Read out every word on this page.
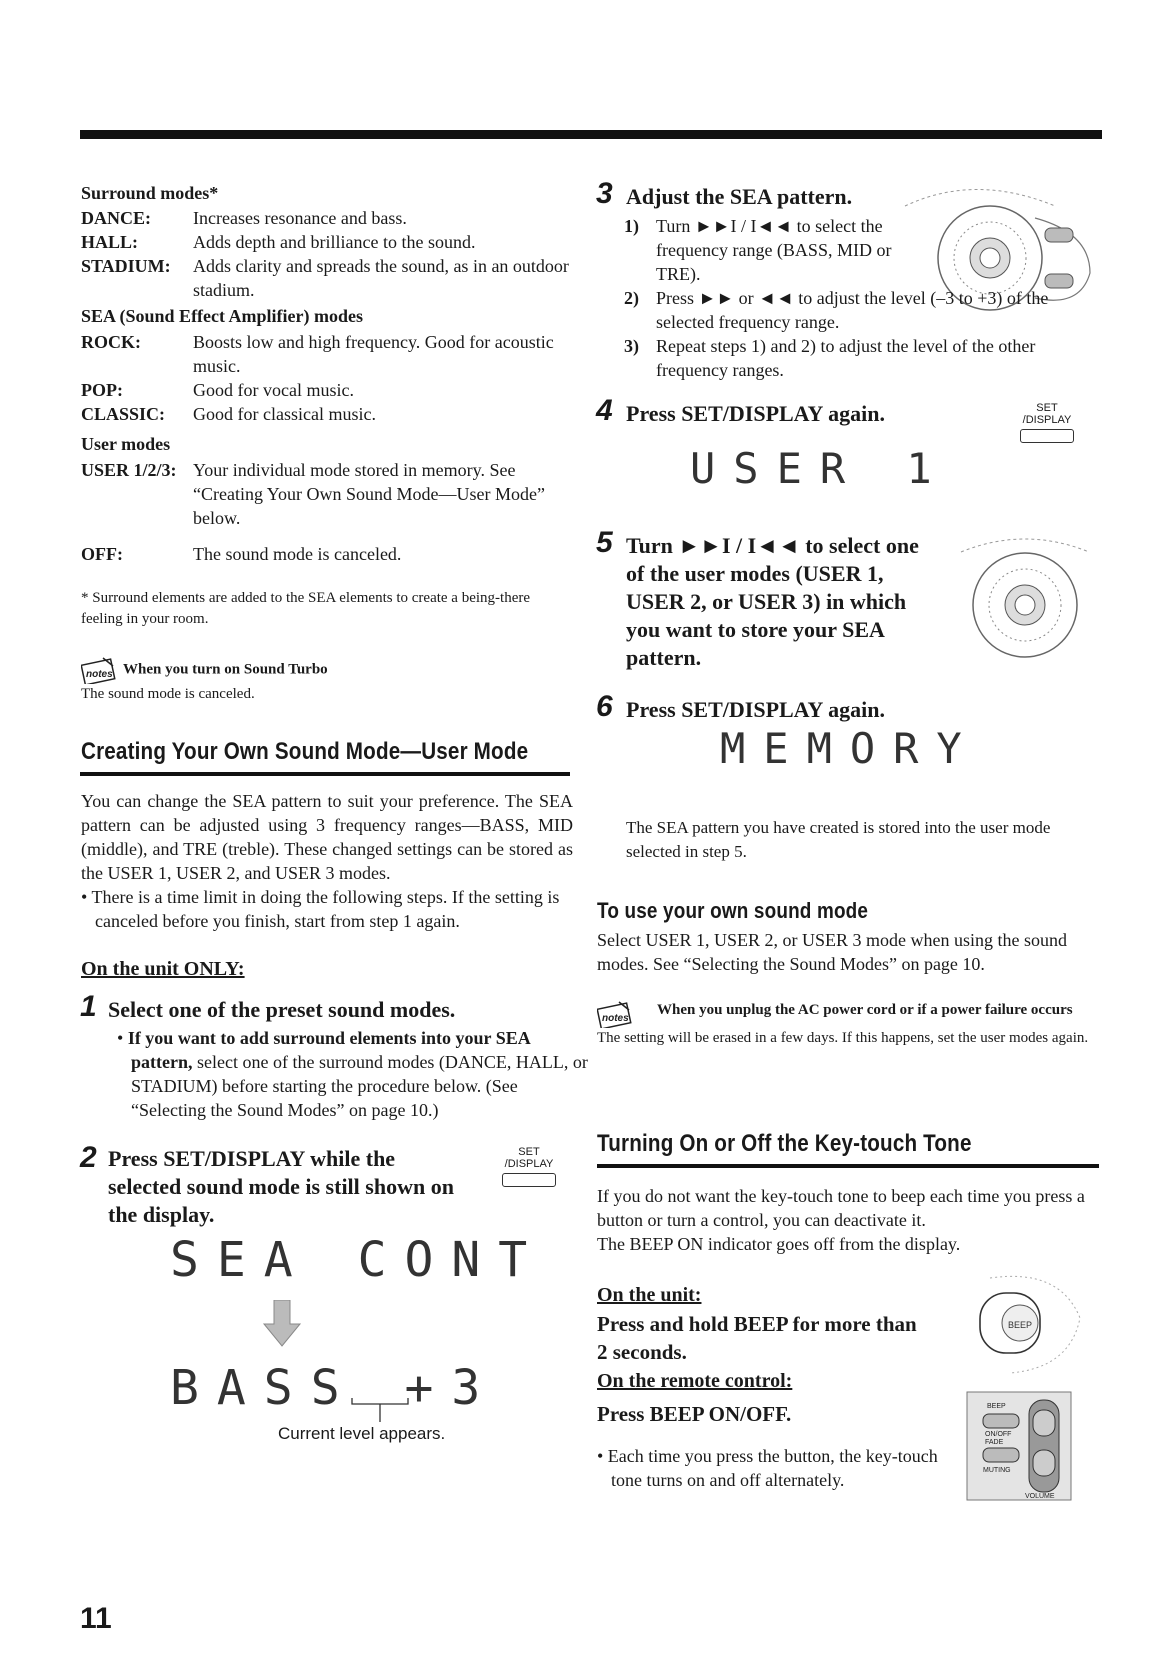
Surround modes*
DANCE: Increases resonance and bass.
HALL:	Adds depth and brilliance to the sound.
STADIUM: Adds clarity and spreads the sound, as in an outdoor stadium.
SEA (Sound Effect Amplifier) modes
ROCK:	Boosts low and high frequency. Good for acoustic music.
POP:	Good for vocal music.
CLASSIC: Good for classical music.
User modes
USER 1/2/3: Your individual mode stored in memory. See “Creating Your Own Sound Mode—User Mode” below.
OFF:	The sound mode is canceled.
* Surround elements are added to the SEA elements to create a being-there feeling in your room.
notes When you turn on Sound Turbo
The sound mode is canceled.
Creating Your Own Sound Mode—User Mode
You can change the SEA pattern to suit your preference. The SEA pattern can be adjusted using 3 frequency ranges—BASS, MID (middle), and TRE (treble). These changed settings can be stored as the USER 1, USER 2, and USER 3 modes.
• There is a time limit in doing the following steps. If the setting is canceled before you finish, start from step 1 again.
On the unit ONLY:
1 Select one of the preset sound modes.
• If you want to add surround elements into your SEA pattern, select one of the surround modes (DANCE, HALL, or STADIUM) before starting the procedure below. (See “Selecting the Sound Modes” on page 10.)
2 Press SET/DISPLAY while the selected sound mode is still shown on the display.
SET
/DISPLAY
SEA CONT
BASS +3
Current level appears.
3 Adjust the SEA pattern.
1) Turn ►►I / I◄◄ to select the frequency range (BASS, MID or TRE).
2) Press ►► or ◄◄ to adjust the level (–3 to +3) of the selected frequency range.
3) Repeat steps 1) and 2) to adjust the level of the other frequency ranges.
4 Press SET/DISPLAY again.	SET
/DISPLAY
USER 1
5 Turn ►►I / I◄◄ to select one of the user modes (USER 1, USER 2, or USER 3) in which you want to store your SEA pattern.
6 Press SET/DISPLAY again.
MEMORY
The SEA pattern you have created is stored into the user mode selected in step 5.
To use your own sound mode
Select USER 1, USER 2, or USER 3 mode when using the sound modes. See “Selecting the Sound Modes” on page 10.
notes
When you unplug the AC power cord or if a power failure occurs
The setting will be erased in a few days. If this happens, set the user modes again.
Turning On or Off the Key-touch Tone
If you do not want the key-touch tone to beep each time you press a button or turn a control, you can deactivate it.
The BEEP ON indicator goes off from the display.
On the unit:
Press and hold BEEP for more than 2 seconds.
BEEP
On the remote control:
Press BEEP ON/OFF.
• Each time you press the button, the key-touch tone turns on and off alternately.
BEEP
ON/OFF
FADE
MUTING
VOLUME
11
